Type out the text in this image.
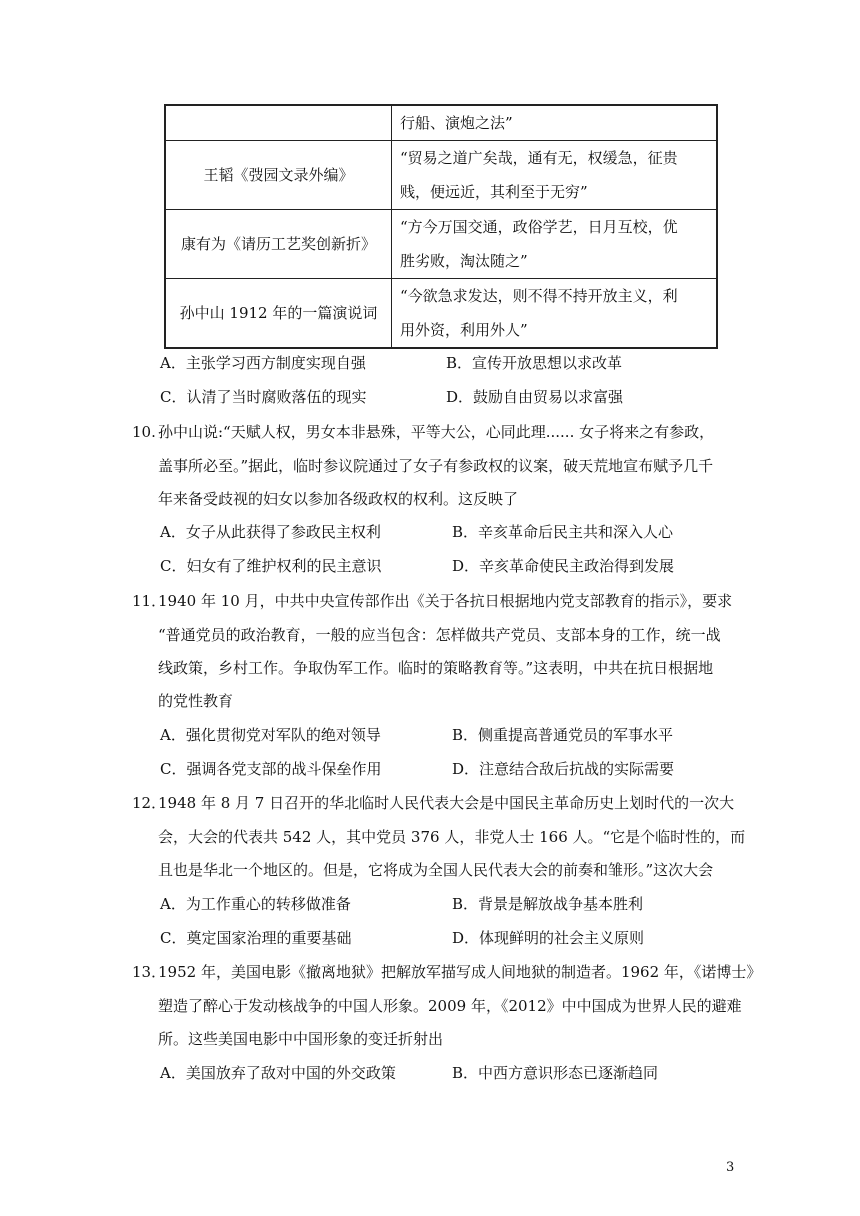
	行船、演炮之法”
王韬《弢园文录外编》	“贸易之道广矣哉，通有无，权缓急，征贵
贱，便远近，其利至于无穷”

康有为《请历工艺奖创新折》	“方今万国交通，政俗学艺，日月互校，优
胜劣败，淘汰随之”

孙中山 1912 年的一篇演说词	“今欲急求发达，则不得不持开放主义，利
用外资，利用外人”
A．主张学习西方制度实现自强	B．宣传开放思想以求改革
C．认清了当时腐败落伍的现实	D．鼓励自由贸易以求富强
10. 孙中山说:“天赋人权，男女本非悬殊，平等大公，心同此理...... 女子将来之有参政，
盖事所必至。”据此，临时参议院通过了女子有参政权的议案，破天荒地宣布赋予几千
年来备受歧视的妇女以参加各级政权的权利。这反映了
A．女子从此获得了参政民主权利	B．辛亥革命后民主共和深入人心
C．妇女有了维护权利的民主意识	D．辛亥革命使民主政治得到发展
11．
1940 年 10 月，中共中央宣传部作出《关于各抗日根据地内党支部教育的指示》，要求
“普通党员的政治教育，一般的应当包含：怎样做共产党员、支部本身的工作，统一战
线政策，乡村工作。争取伪军工作。临时的策略教育等。”这表明，中共在抗日根据地
的党性教育
A．强化贯彻党对军队的绝对领导	B．侧重提高普通党员的军事水平
C．强调各党支部的战斗保垒作用	D．注意结合敌后抗战的实际需要
12．
1948 年 8 月 7 日召开的华北临时人民代表大会是中国民主革命历史上划时代的一次大
会，大会的代表共 542 人，其中党员 376 人，非党人士 166 人。“它是个临时性的，而
且也是华北一个地区的。但是，它将成为全国人民代表大会的前奏和雏形。”这次大会
A．为工作重心的转移做准备	B．背景是解放战争基本胜利
C．奠定国家治理的重要基础	D．体现鲜明的社会主义原则
13．
1952 年，美国电影《撤离地狱》把解放军描写成人间地狱的制造者。1962 年，《诺博士》
塑造了醉心于发动核战争的中国人形象。2009 年，《2012》中中国成为世界人民的避难
所。这些美国电影中中国形象的变迁折射出
A．美国放弃了敌对中国的外交政策	B．中西方意识形态已逐渐趋同
3
